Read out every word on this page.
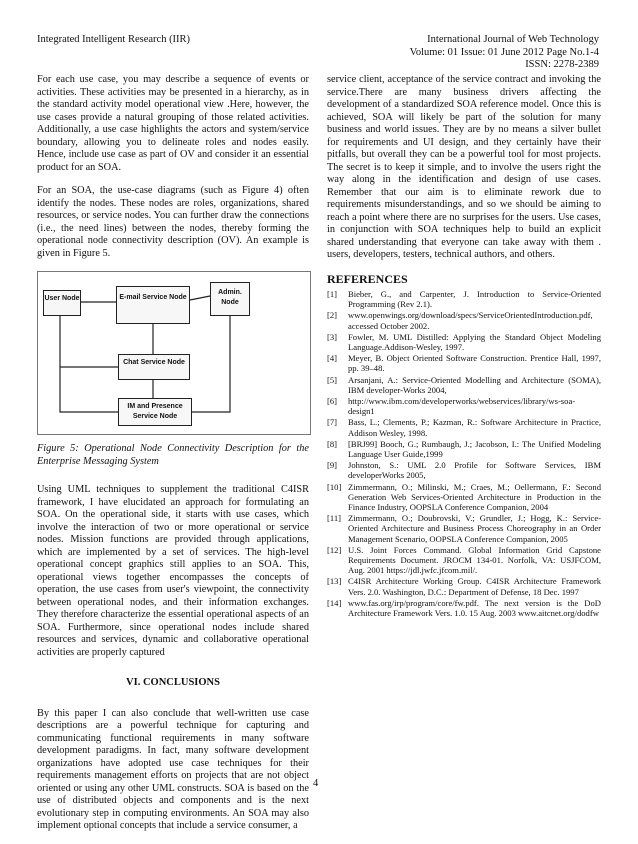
Integrated Intelligent Research (IIR)	International Journal of Web Technology
Volume: 01 Issue: 01 June 2012 Page No.1-4
ISSN: 2278-2389

For each use case, you may describe a sequence of events or activities. These activities may be presented in a hierarchy, as in the standard activity model operational view .Here, however, the use cases provide a natural grouping of those related activities. Additionally, a use case highlights the actors and system/service boundary, allowing you to delineate roles and nodes easily. Hence, include use case as part of OV and consider it an essential product for an SOA.

For an SOA, the use-case diagrams (such as Figure 4) often identify the nodes. These nodes are roles, organizations, shared resources, or service nodes. You can further draw the connections (i.e., the need lines) between the nodes, thereby forming the operational node connectivity description (OV). An example is given in Figure 5.

User Node	E-mail Service Node
Admin. Node
Chat Service Node
IM and Presence Service Node

Figure 5: Operational Node Connectivity Description for the Enterprise Messaging System

Using UML techniques to supplement the traditional C4ISR framework, I have elucidated an approach for formulating an SOA. On the operational side, it starts with use cases, which involve the interaction of two or more operational or service nodes. Mission functions are provided through applications, which are implemented by a set of services. The high-level operational concept graphics still applies to an SOA. This, operational views together encompasses the concepts of operation, the use cases from user's viewpoint, the connectivity between operational nodes, and their information exchanges. They therefore characterize the essential operational aspects of an SOA. Furthermore, since operational nodes include shared resources and services, dynamic and collaborative operational activities are properly captured

VI. CONCLUSIONS

By this paper I can also conclude that well-written use case descriptions are a powerful technique for capturing and communicating functional requirements in many software development paradigms. In fact, many software development organizations have adopted use case techniques for their requirements management efforts on projects that are not object oriented or using any other UML constructs. SOA is based on the use of distributed objects and components and is the next evolutionary step in computing environments. An SOA may also implement optional concepts that include a service consumer, a

service client, acceptance of the service contract and invoking the service.There are many business drivers affecting the development of a standardized SOA reference model. Once this is achieved, SOA will likely be part of the solution for many business and world issues. They are by no means a silver bullet for requirements and UI design, and they certainly have their pitfalls, but overall they can be a powerful tool for most projects. The secret is to keep it simple, and to involve the users right the way along in the identification and design of use cases. Remember that our aim is to eliminate rework due to requirements misunderstandings, and so we should be aiming to reach a point where there are no surprises for the users. Use cases, in conjunction with SOA techniques help to build an explicit shared understanding that everyone can take away with them . users, developers, testers, technical authors, and others.

REFERENCES
[1]	Bieber, G., and Carpenter, J. Introduction to Service-Oriented Programming (Rev 2.1).
[2]	www.openwings.org/download/specs/ServiceOrientedIntroduction.pdf, accessed October 2002.
[3]	Fowler, M. UML Distilled: Applying the Standard Object Modeling Language.Addison-Wesley, 1997.
[4]	Meyer, B. Object Oriented Software Construction. Prentice Hall, 1997, pp. 39–48.
[5]	Arsanjani, A.: Service-Oriented Modelling and Architecture (SOMA), IBM developer-Works 2004,
[6]	http://www.ibm.com/developerworks/webservices/library/ws-soa-design1
[7]	Bass, L.; Clements, P.; Kazman, R.: Software Architecture in Practice, Addison Wesley, 1998.
[8]	[BRJ99] Booch, G.; Rumbaugh, J.; Jacobson, I.: The Unified Modeling Language User Guide,1999
[9]	Johnston, S.: UML 2.0 Profile for Software Services, IBM developerWorks 2005,
[10] Zimmermann, O.; Milinski, M.; Craes, M.; Oellermann, F.: Second Generation Web Services-Oriented Architecture in Production in the Finance Industry, OOPSLA Conference Companion, 2004
[11] Zimmermann, O.; Doubrovski, V.; Grundler, J.; Hogg, K.: Service-Oriented Architecture and Business Process Choreography in an Order Management Scenario, OOPSLA Conference Companion, 2005
[12] U.S. Joint Forces Command. Global Information Grid Capstone Requirements Document. JROCM 134-01. Norfolk, VA: USJFCOM, Aug. 2001 https://jdl.jwfc.jfcom.mil/.
[13] C4ISR Architecture Working Group. C4ISR Architecture Framework Vers. 2.0. Washington, D.C.: Department of Defense, 18 Dec. 1997
[14] www.fas.org/irp/program/core/fw.pdf. The next version is the DoD Architecture Framework Vers. 1.0. 15 Aug. 2003 www.aitcnet.org/dodfw
4
